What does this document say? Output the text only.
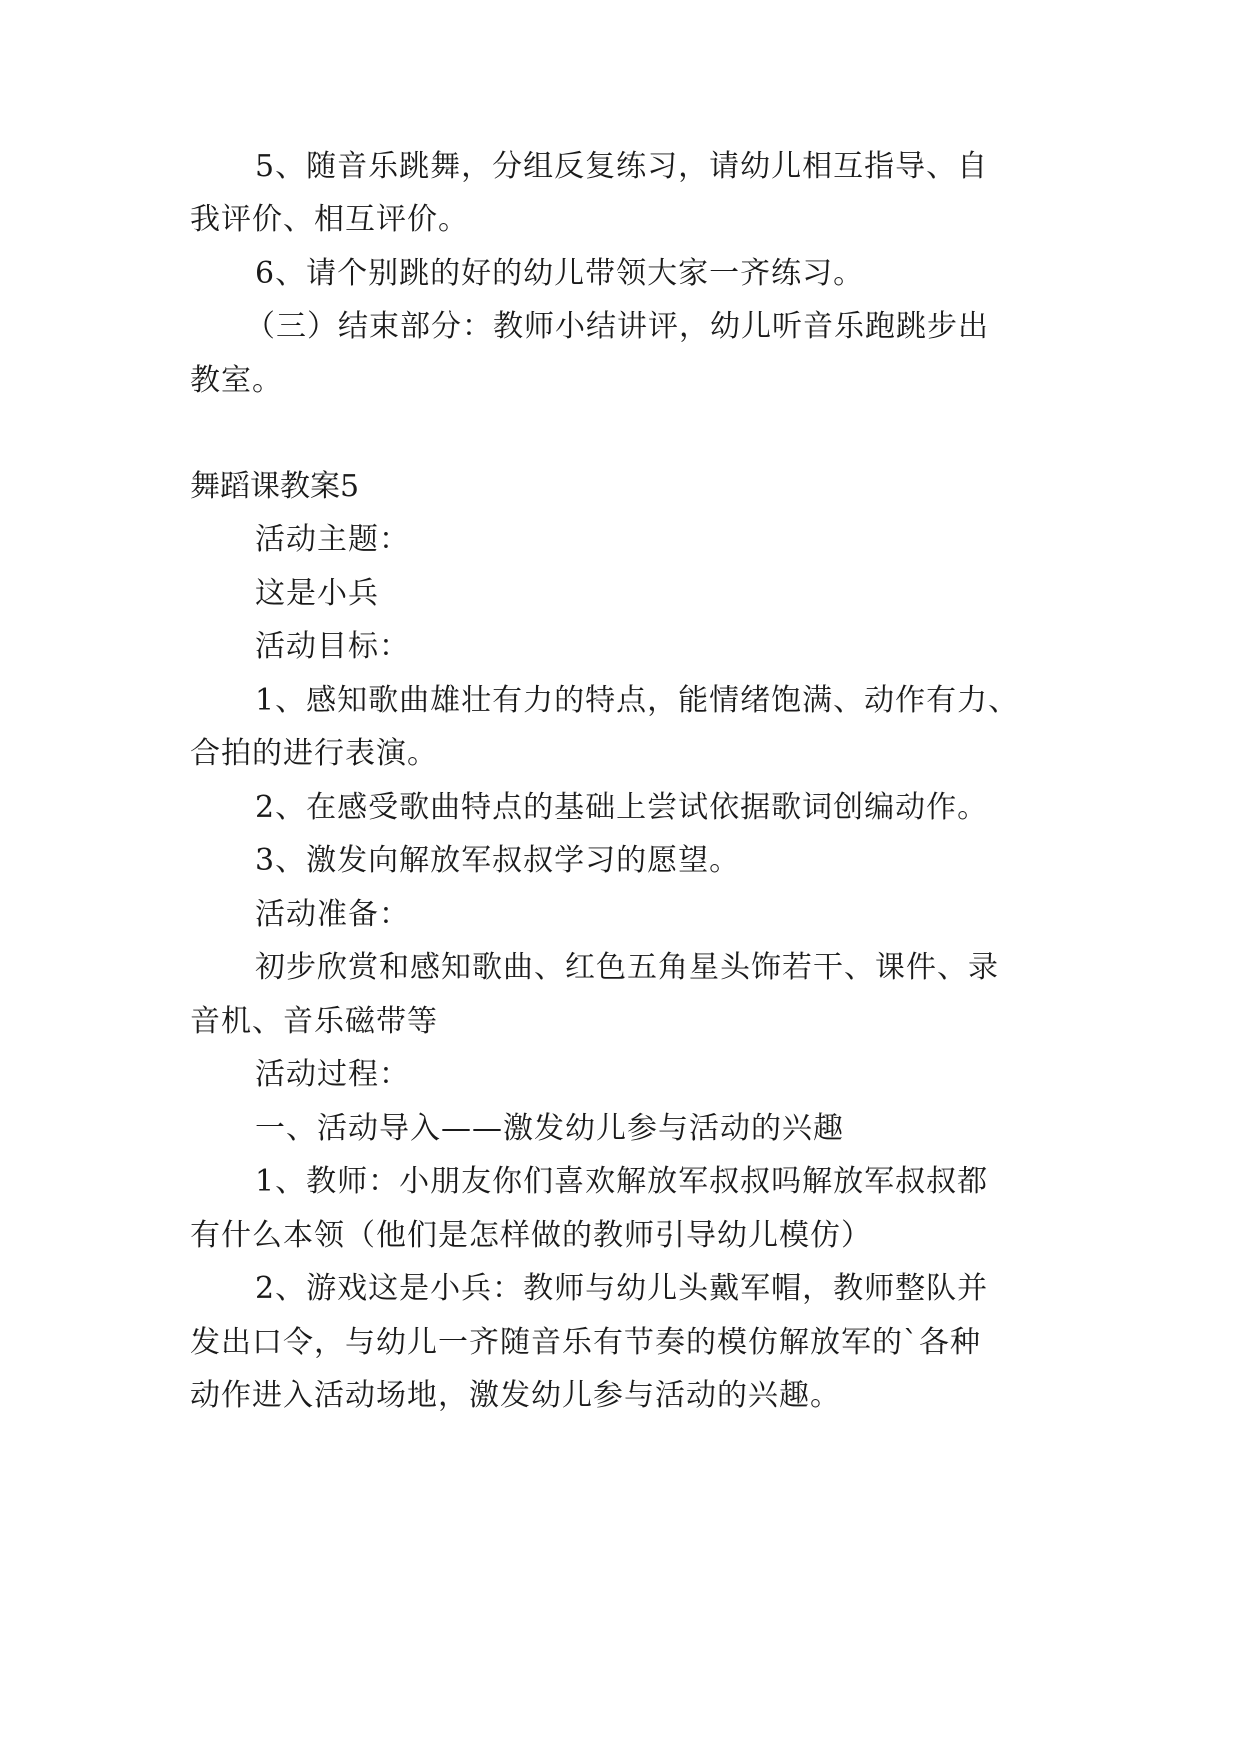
5、随音乐跳舞，分组反复练习，请幼儿相互指导、自
我评价、相互评价。
6、请个别跳的好的幼儿带领大家一齐练习。
（三）结束部分：教师小结讲评，幼儿听音乐跑跳步出
教室。
舞蹈课教案5
活动主题：
这是小兵
活动目标：
1、感知歌曲雄壮有力的特点，能情绪饱满、动作有力、
合拍的进行表演。
2、在感受歌曲特点的基础上尝试依据歌词创编动作。
3、激发向解放军叔叔学习的愿望。
活动准备：
初步欣赏和感知歌曲、红色五角星头饰若干、课件、录
音机、音乐磁带等
活动过程：
一、活动导入——激发幼儿参与活动的兴趣
1、教师：小朋友你们喜欢解放军叔叔吗解放军叔叔都
有什么本领（他们是怎样做的教师引导幼儿模仿）
2、游戏这是小兵：教师与幼儿头戴军帽，教师整队并
发出口令，与幼儿一齐随音乐有节奏的模仿解放军的`各种
动作进入活动场地，激发幼儿参与活动的兴趣。
